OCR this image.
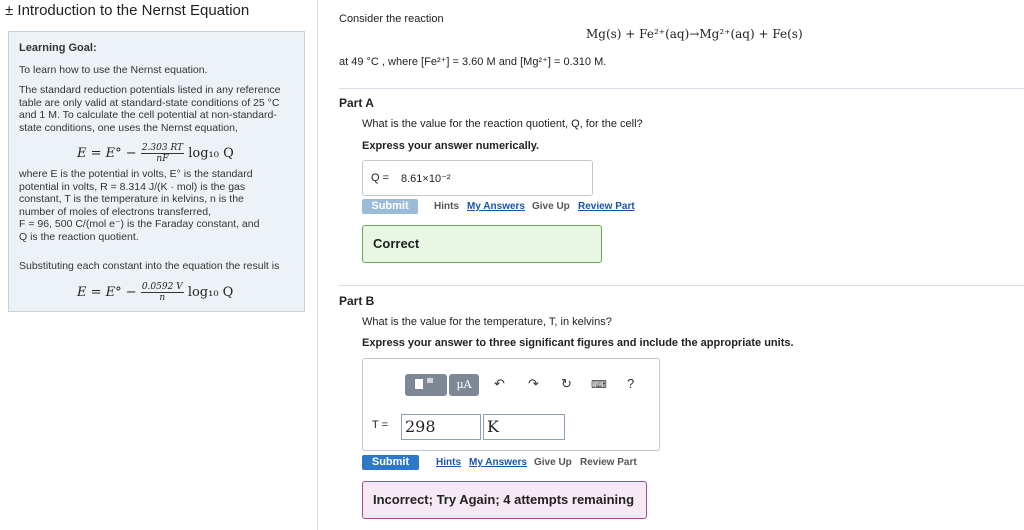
± Introduction to the Nernst Equation
Learning Goal:
To learn how to use the Nernst equation.
The standard reduction potentials listed in any reference
table are only valid at standard-state conditions of 25 °C
and 1 M. To calculate the cell potential at non-standard-
state conditions, one uses the Nernst equation,
$E = E^\circ - \frac{2.303 RT}{nF} \log_{10}$ Q
where E is the potential in volts, E° is the standard
potential in volts, R = 8.314 J/(K · mol) is the gas
constant, T is the temperature in kelvins, n is the
number of moles of electrons transferred,
F = 96, 500 C/(mol e⁻) is the Faraday constant, and
Q is the reaction quotient.
Substituting each constant into the equation the result is
$E = E^\circ - \frac{0.0592 V}{n} \log_{10}$ Q
Consider the reaction
Mg(s) + Fe²⁺(aq)→Mg²⁺(aq) + Fe(s)
at 49 °C , where [Fe²⁺] = 3.60 M and [Mg²⁺] = 0.310 M.
Part A
What is the value for the reaction quotient, Q, for the cell?
Express your answer numerically.
Q = 8.61×10⁻²
Submit	Hints My Answers Give Up Review Part
Correct
Part B
What is the value for the temperature, T, in kelvins?
Express your answer to three significant figures and include the appropriate units.
μA	↶ ↷ ↻ ⌨ ?
T = 298	K
Submit	Hints My Answers Give Up Review Part
Incorrect; Try Again; 4 attempts remaining
